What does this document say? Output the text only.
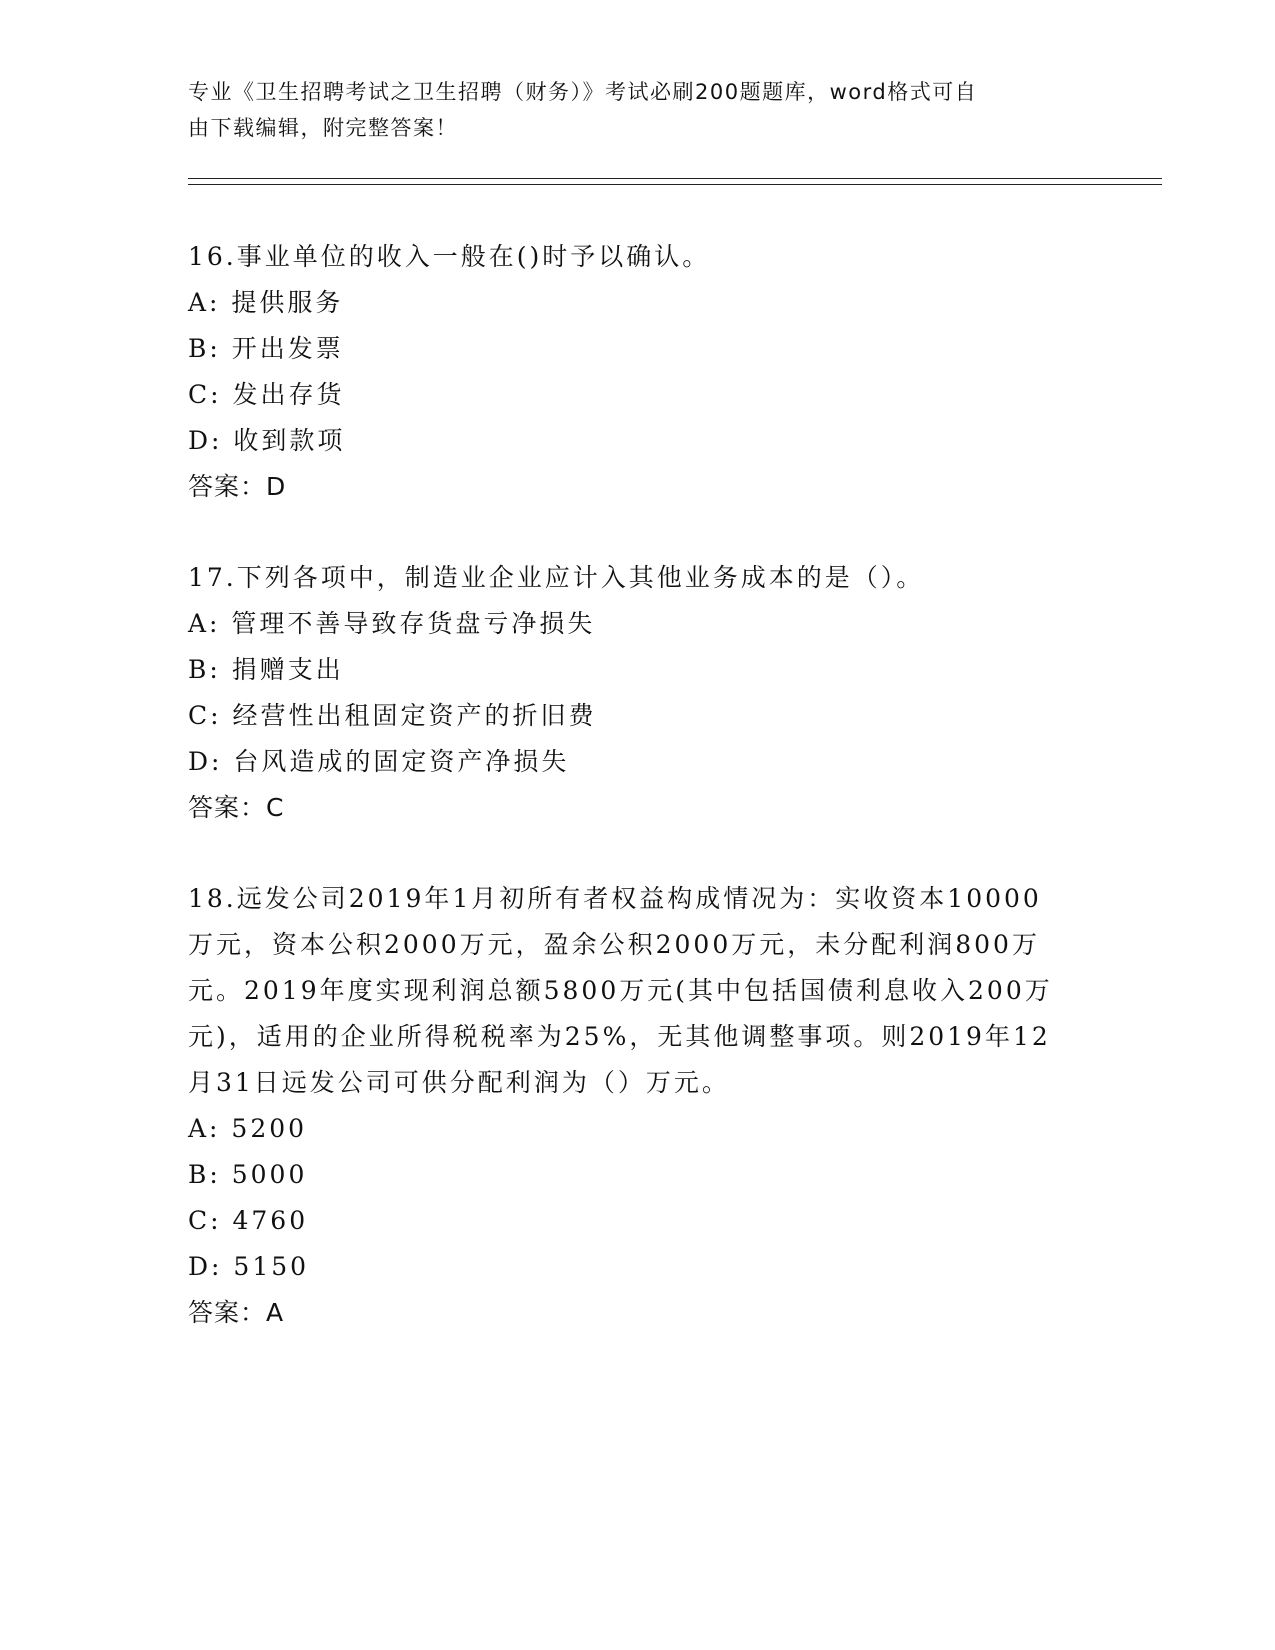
专业《卫生招聘考试之卫生招聘（财务）》考试必刷200题题库，word格式可自
由下载编辑，附完整答案！
16.事业单位的收入一般在()时予以确认。
A: 提供服务
B: 开出发票
C: 发出存货
D: 收到款项
答案：D
17.下列各项中，制造业企业应计入其他业务成本的是（）。
A: 管理不善导致存货盘亏净损失
B: 捐赠支出
C: 经营性出租固定资产的折旧费
D: 台风造成的固定资产净损失
答案：C
18.远发公司2019年1月初所有者权益构成情况为：实收资本10000
万元，资本公积2000万元，盈余公积2000万元，未分配利润800万
元。2019年度实现利润总额5800万元(其中包括国债利息收入200万
元)，适用的企业所得税税率为25%，无其他调整事项。则2019年12
月31日远发公司可供分配利润为（）万元。
A: 5200
B: 5000
C: 4760
D: 5150
答案：A
